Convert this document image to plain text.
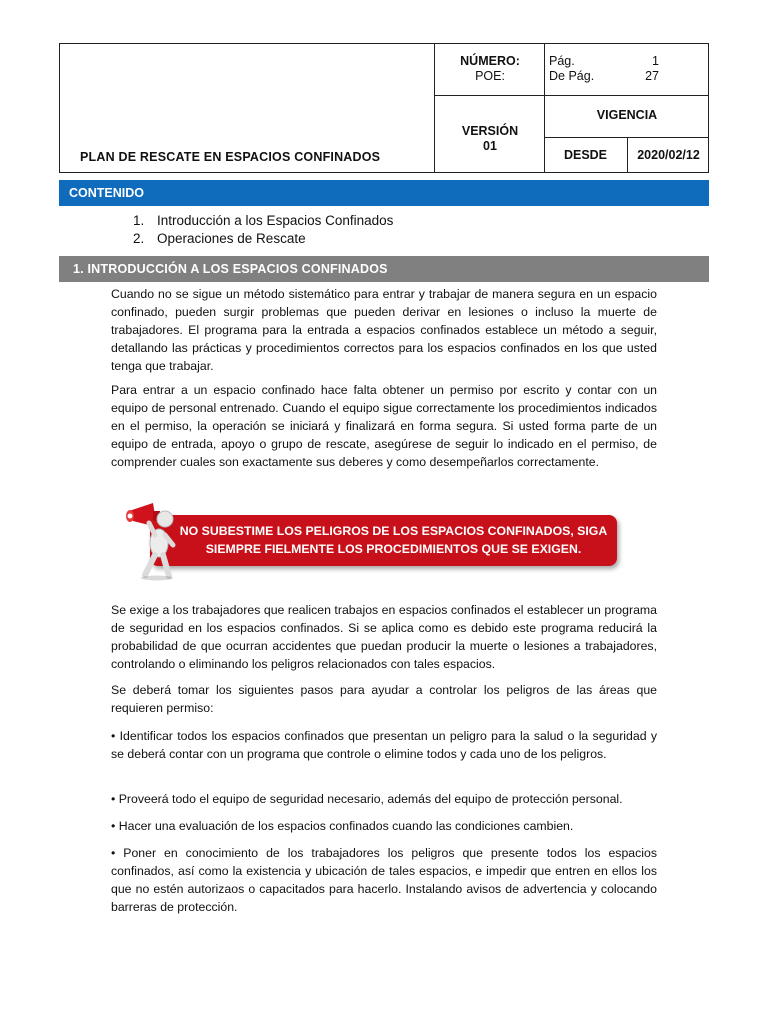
PLAN DE RESCATE EN ESPACIOS CONFINADOS
NÚMERO:
POE:
Pág.	1
De Pág.	27
VERSIÓN
01
VIGENCIA
DESDE	2020/02/12
CONTENIDO
1. Introducción a los Espacios Confinados
2. Operaciones de Rescate
1. INTRODUCCIÓN A LOS ESPACIOS CONFINADOS
Cuando no se sigue un método sistemático para entrar y trabajar de manera segura en un espacio confinado, pueden surgir problemas que pueden derivar en lesiones o incluso la muerte de trabajadores. El programa para la entrada a espacios confinados establece un método a seguir, detallando las prácticas y procedimientos correctos para los espacios confinados en los que usted tenga que trabajar.
Para entrar a un espacio confinado hace falta obtener un permiso por escrito y contar con un equipo de personal entrenado. Cuando el equipo sigue correctamente los procedimientos indicados en el permiso, la operación se iniciará y finalizará en forma segura. Si usted forma parte de un equipo de entrada, apoyo o grupo de rescate, asegúrese de seguir lo indicado en el permiso, de comprender cuales son exactamente sus deberes y como desempeñarlos correctamente.
NO SUBESTIME LOS PELIGROS DE LOS ESPACIOS CONFINADOS, SIGA SIEMPRE FIELMENTE LOS PROCEDIMIENTOS QUE SE EXIGEN.
Se exige a los trabajadores que realicen trabajos en espacios confinados el establecer un programa de seguridad en los espacios confinados. Si se aplica como es debido este programa reducirá la probabilidad de que ocurran accidentes que puedan producir la muerte o lesiones a trabajadores, controlando o eliminando los peligros relacionados con tales espacios.
Se deberá tomar los siguientes pasos para ayudar a controlar los peligros de las áreas que requieren permiso:
• Identificar todos los espacios confinados que presentan un peligro para la salud o la seguridad y se deberá contar con un programa que controle o elimine todos y cada uno de los peligros.
• Proveerá todo el equipo de seguridad necesario, además del equipo de protección personal.
• Hacer una evaluación de los espacios confinados cuando las condiciones cambien.
• Poner en conocimiento de los trabajadores los peligros que presente todos los espacios confinados, así como la existencia y ubicación de tales espacios, e impedir que entren en ellos los que no estén autorizaos o capacitados para hacerlo. Instalando avisos de advertencia y colocando barreras de protección.
